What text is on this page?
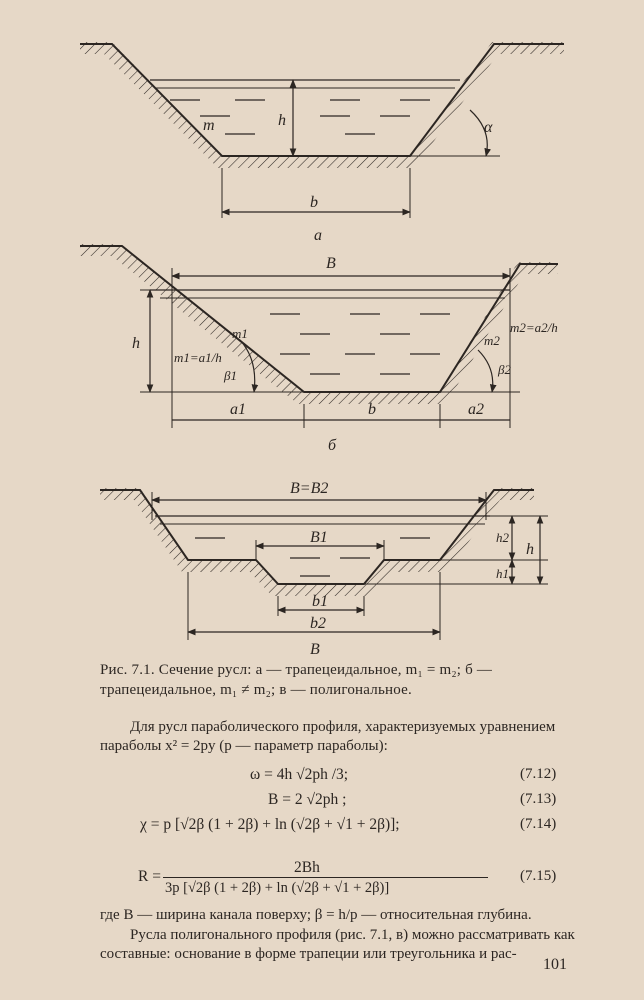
m	h	α
b
а
B
h
m1	m2
m1=a1/h
m2=a2/h
β1	β2
a1	b	a2
б
B=B2
B1
b1
b2
h2
h1
h
B
Рис. 7.1. Сечение русл: а — трапецеидальное, m₁ = m₂; б — трапецеидальное, m₁ ≠ m₂; в — полигональное.
Для русл параболического профиля, характеризуемых уравнением параболы x² = 2py (p — параметр параболы):
ω = 4h √2ph /3;	(7.12)
B = 2 √2ph ;	(7.13)
χ = p [√2β (1 + 2β) + ln (√2β + √1 + 2β)];	(7.14)
R =
2Bh
3p [√2β (1 + 2β) + ln (√2β + √1 + 2β)]
(7.15)
где B — ширина канала поверху; β = h/p — относительная глубина.
Русла полигонального профиля (рис. 7.1, в) можно рассматривать как составные: основание в форме трапеции или треугольника и рас-
101
